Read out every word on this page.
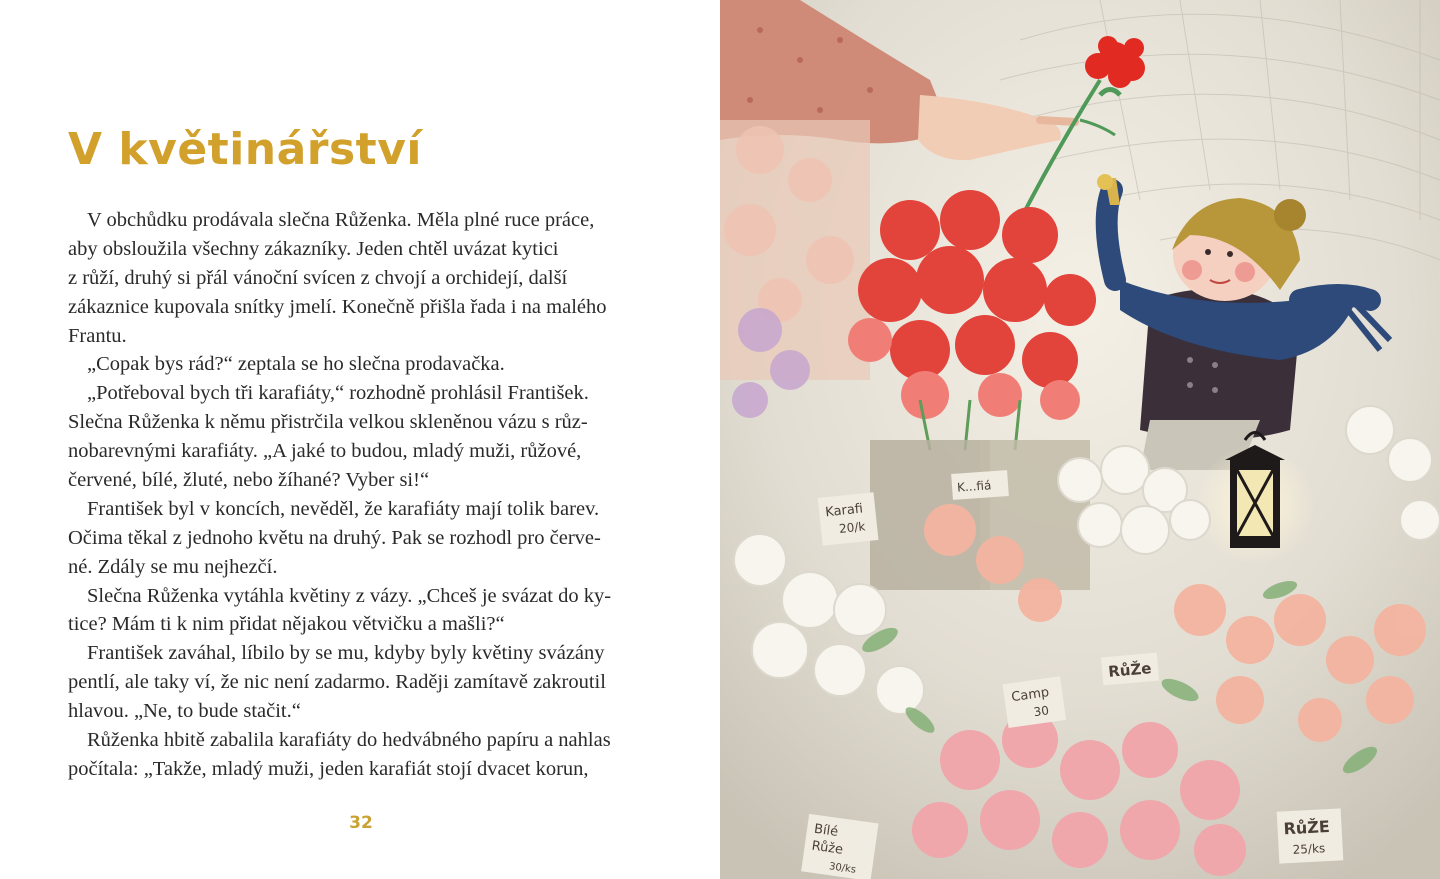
V květinářství
V obchůdku prodávala slečna Růženka. Měla plné ruce práce,
aby obsloužila všechny zákazníky. Jeden chtěl uvázat kytici
z růží, druhý si přál vánoční svícen z chvojí a orchidejí, další
zákaznice kupovala snítky jmelí. Konečně přišla řada i na malého
Frantu.
„Copak bys rád?“ zeptala se ho slečna prodavačka.
„Potřeboval bych tři karafiáty,“ rozhodně prohlásil František.
Slečna Růženka k němu přistrčila velkou skleněnou vázu s růz-
nobarevnými karafiáty. „A jaké to budou, mladý muži, růžové,
červené, bílé, žluté, nebo žíhané? Vyber si!“
František byl v koncích, nevěděl, že karafiáty mají tolik barev.
Očima těkal z jednoho květu na druhý. Pak se rozhodl pro červe-
né. Zdály se mu nejhezčí.
Slečna Růženka vytáhla květiny z vázy. „Chceš je svázat do ky-
tice? Mám ti k nim přidat nějakou větvičku a mašli?“
František zaváhal, líbilo by se mu, kdyby byly květiny svázány
pentlí, ale taky ví, že nic není zadarmo. Raději zamítavě zakroutil
hlavou. „Ne, to bude stačit.“
Růženka hbitě zabalila karafiáty do hedvábného papíru a nahlas
počítala: „Takže, mladý muži, jeden karafiát stojí dvacet korun,
32
Karafi
20/k
K...fiá
RůŽe
Camp
30
Bílé
Růže
30/ks
RůŽE
25/ks
